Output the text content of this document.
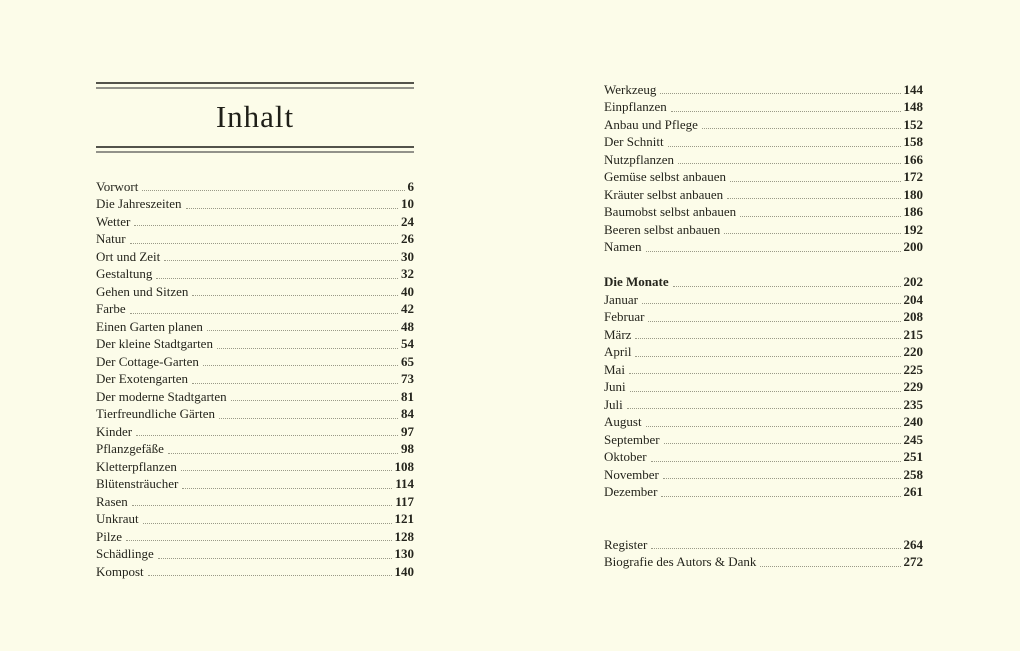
Inhalt
Vorwort	6
Die Jahreszeiten	10
Wetter	24
Natur	26
Ort und Zeit	30
Gestaltung	32
Gehen und Sitzen	40
Farbe	42
Einen Garten planen	48
Der kleine Stadtgarten	54
Der Cottage-Garten	65
Der Exotengarten	73
Der moderne Stadtgarten	81
Tierfreundliche Gärten	84
Kinder	97
Pflanzgefäße	98
Kletterpflanzen	108
Blütensträucher	114
Rasen	117
Unkraut	121
Pilze	128
Schädlinge	130
Kompost	140
Werkzeug	144
Einpflanzen	148
Anbau und Pflege	152
Der Schnitt	158
Nutzpflanzen	166
Gemüse selbst anbauen	172
Kräuter selbst anbauen	180
Baumobst selbst anbauen	186
Beeren selbst anbauen	192
Namen	200
Die Monate	202
Januar	204
Februar	208
März	215
April	220
Mai	225
Juni	229
Juli	235
August	240
September	245
Oktober	251
November	258
Dezember	261
Register	264
Biografie des Autors & Dank	272
